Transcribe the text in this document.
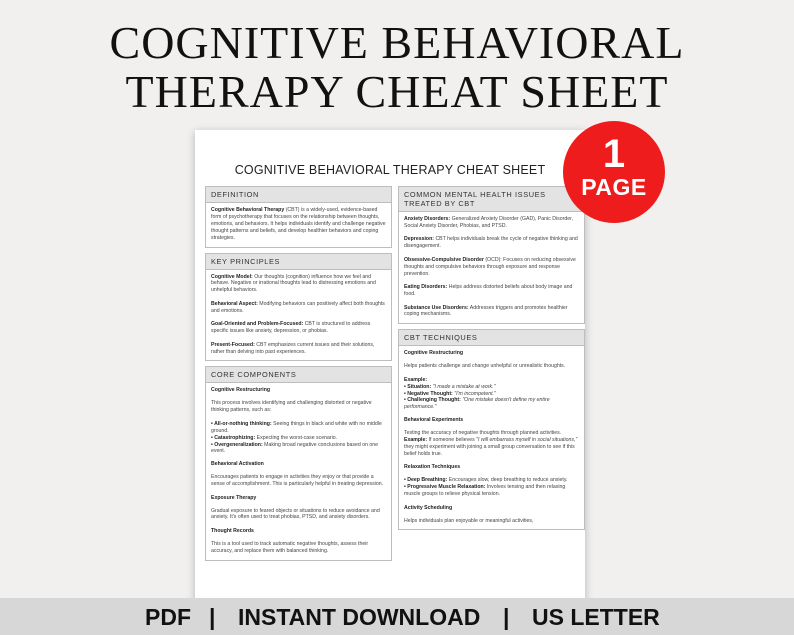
COGNITIVE BEHAVIORAL
THERAPY CHEAT SHEET
COGNITIVE BEHAVIORAL THERAPY CHEAT SHEET
DEFINITION
Cognitive Behavioral Therapy (CBT) is a widely-used, evidence-based form of psychotherapy that focuses on the relationship between thoughts, emotions, and behaviors. It helps individuals identify and challenge negative thought patterns and beliefs, and develop healthier behaviors and coping strategies.
KEY PRINCIPLES
Cognitive Model: Our thoughts (cognition) influence how we feel and behave. Negative or irrational thoughts lead to distressing emotions and unhelpful behaviors.
Behavioral Aspect: Modifying behaviors can positively affect both thoughts and emotions.
Goal-Oriented and Problem-Focused: CBT is structured to address specific issues like anxiety, depression, or phobias.
Present-Focused: CBT emphasizes current issues and their solutions, rather than delving into past experiences.
CORE COMPONENTS
Cognitive Restructuring
This process involves identifying and challenging distorted or negative thinking patterns, such as:
• All-or-nothing thinking: Seeing things in black and white with no middle ground.
• Catastrophizing: Expecting the worst-case scenario.
• Overgeneralization: Making broad negative conclusions based on one event.
Behavioral Activation
Encourages patients to engage in activities they enjoy or that provide a sense of accomplishment. This is particularly helpful in treating depression.
Exposure Therapy
Gradual exposure to feared objects or situations to reduce avoidance and anxiety. It's often used to treat phobias, PTSD, and anxiety disorders.
Thought Records
This is a tool used to track automatic negative thoughts, assess their accuracy, and replace them with balanced thinking.
COMMON MENTAL HEALTH ISSUES TREATED BY CBT
Anxiety Disorders: Generalized Anxiety Disorder (GAD), Panic Disorder, Social Anxiety Disorder, Phobias, and PTSD.
Depression: CBT helps individuals break the cycle of negative thinking and disengagement.
Obsessive-Compulsive Disorder (OCD): Focuses on reducing obsessive thoughts and compulsive behaviors through exposure and response prevention.
Eating Disorders: Helps address distorted beliefs about body image and food.
Substance Use Disorders: Addresses triggers and promotes healthier coping mechanisms.
CBT TECHNIQUES
Cognitive Restructuring
Helps patients challenge and change unhelpful or unrealistic thoughts.
Example:
• Situation: "I made a mistake at work."
• Negative Thought: "I'm incompetent."
• Challenging Thought: "One mistake doesn't define my entire performance."
Behavioral Experiments
Testing the accuracy of negative thoughts through planned activities.
Example: If someone believes "I will embarrass myself in social situations," they might experiment with joining a small group conversation to see if this belief holds true.
Relaxation Techniques
• Deep Breathing: Encourages slow, deep breathing to reduce anxiety.
• Progressive Muscle Relaxation: Involves tensing and then relaxing muscle groups to relieve physical tension.
Activity Scheduling
Helps individuals plan enjoyable or meaningful activities,
1
PAGE
PDF | INSTANT DOWNLOAD | US LETTER
